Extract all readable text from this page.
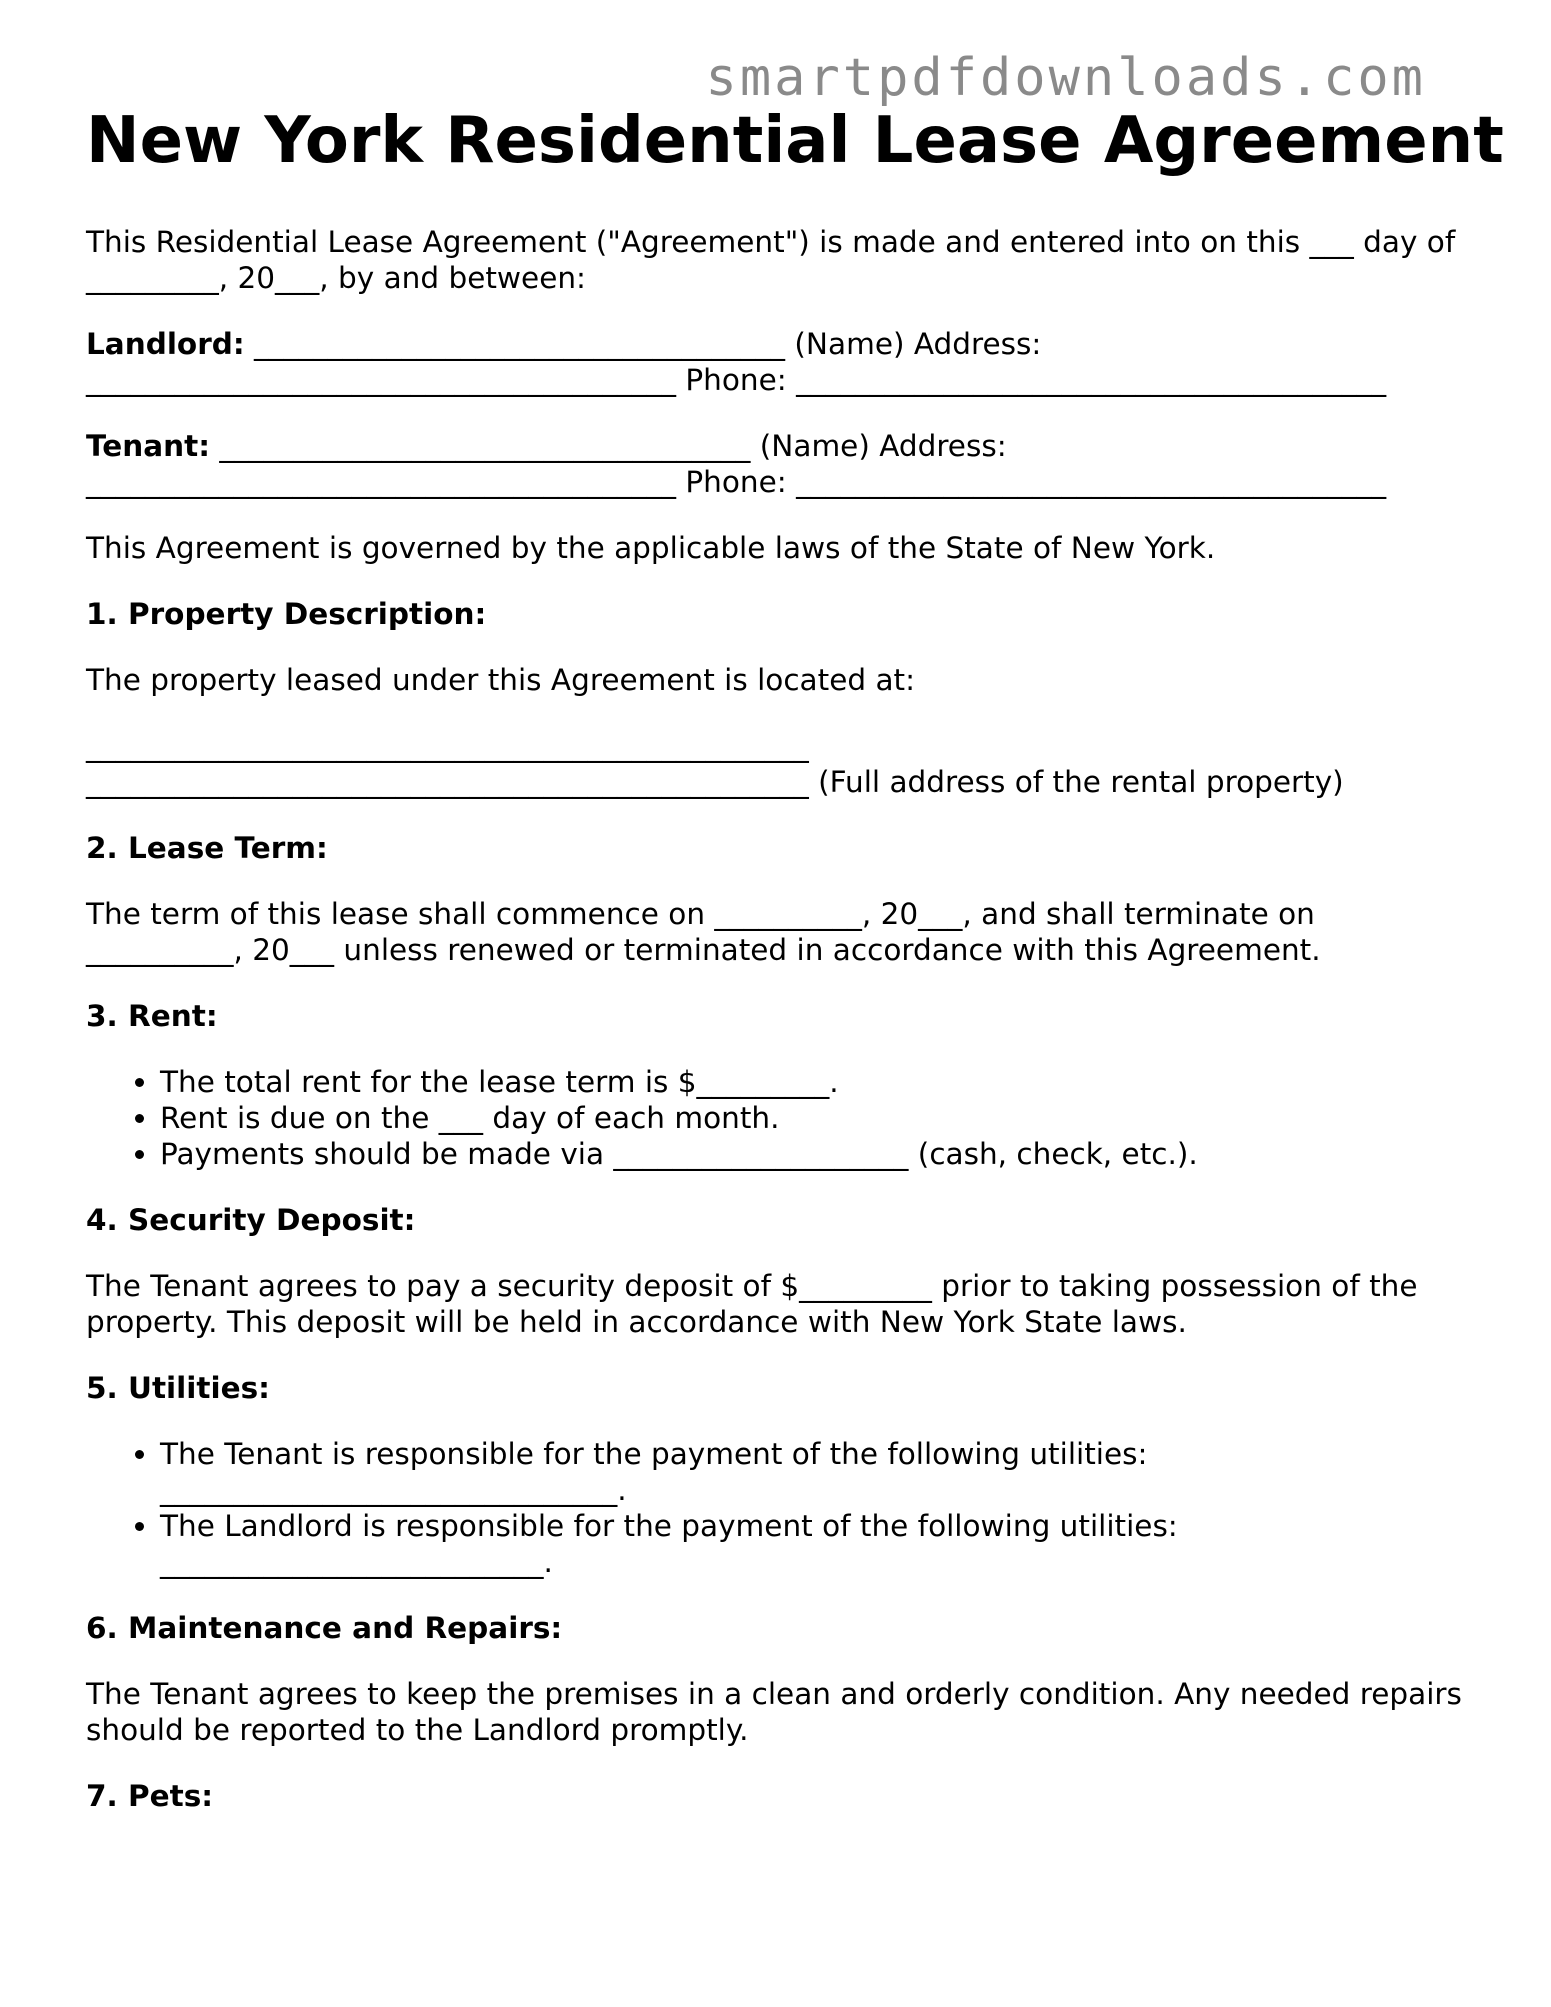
smartpdfdownloads.com
New York Residential Lease Agreement

This Residential Lease Agreement ("Agreement") is made and entered into on this ___ day of _________, 20___, by and between:

Landlord: ____________________________________ (Name) Address: ________________________________________ Phone: ________________________________________

Tenant: ____________________________________ (Name) Address: ________________________________________ Phone: ________________________________________

This Agreement is governed by the applicable laws of the State of New York.

1. Property Description:

The property leased under this Agreement is located at:

_________________________________________________
_________________________________________________ (Full address of the rental property)

2. Lease Term:

The term of this lease shall commence on __________, 20___, and shall terminate on __________, 20___ unless renewed or terminated in accordance with this Agreement.

3. Rent:
• The total rent for the lease term is $_________.
• Rent is due on the ___ day of each month.
• Payments should be made via ____________________ (cash, check, etc.).
4. Security Deposit:

The Tenant agrees to pay a security deposit of $_________ prior to taking possession of the property. This deposit will be held in accordance with New York State laws.

5. Utilities:
• The Tenant is responsible for the payment of the following utilities: _______________________________.
• The Landlord is responsible for the payment of the following utilities: __________________________.
6. Maintenance and Repairs:

The Tenant agrees to keep the premises in a clean and orderly condition. Any needed repairs should be reported to the Landlord promptly.

7. Pets:
